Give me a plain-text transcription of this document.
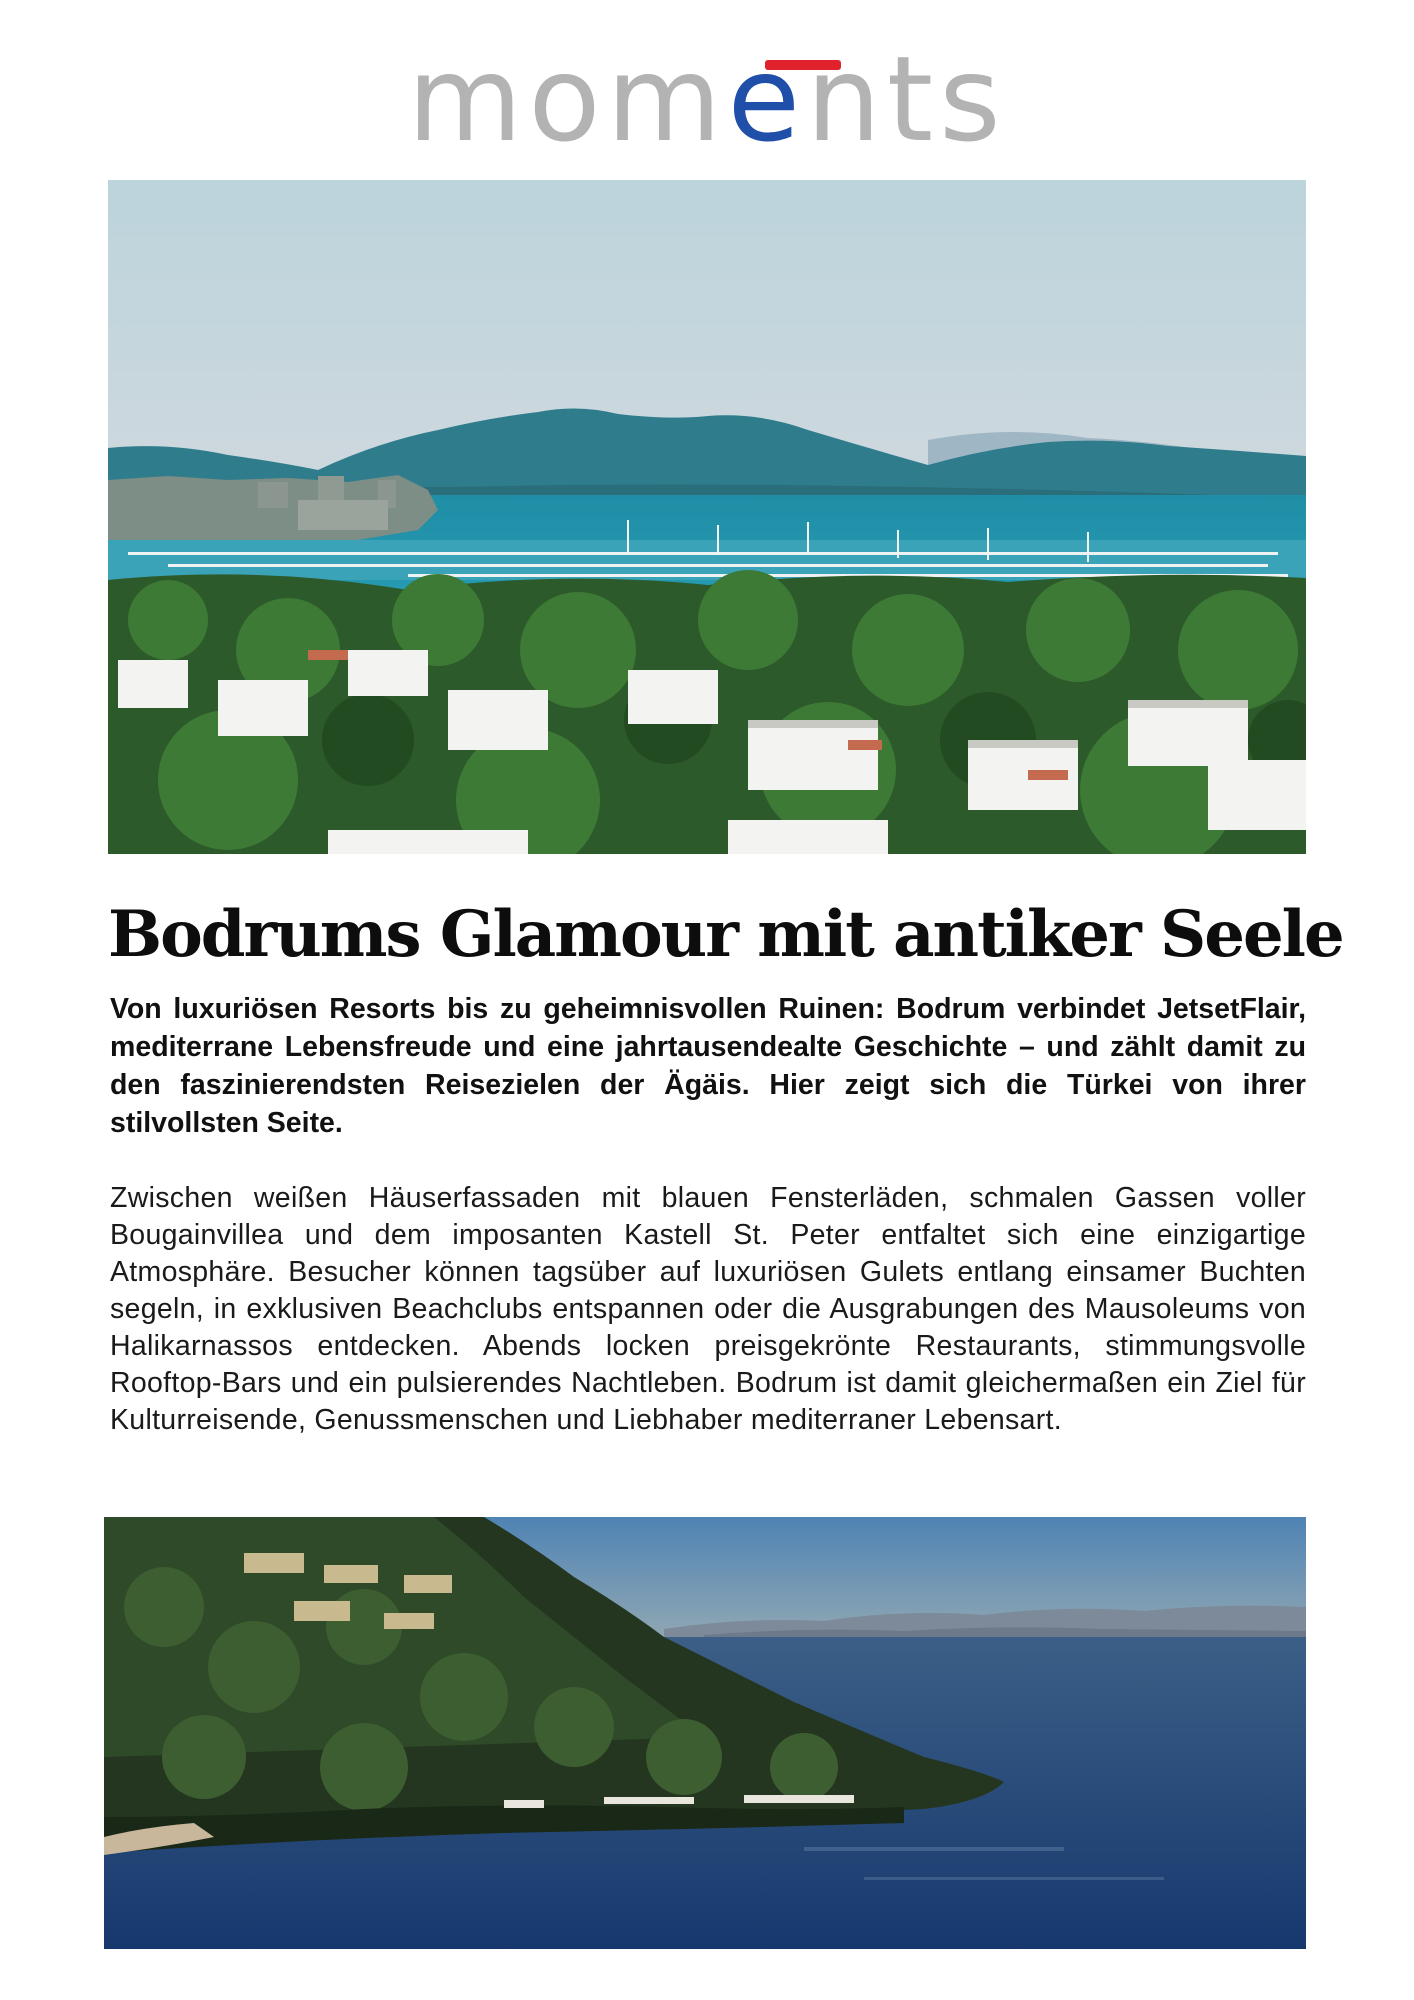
moments
Bodrums Glamour mit antiker Seele

Von luxuriösen Resorts bis zu geheimnisvollen Ruinen: Bodrum verbindet JetsetFlair, mediterrane Lebensfreude und eine jahrtausendealte Geschichte – und zählt damit zu den faszinierendsten Reisezielen der Ägäis. Hier zeigt sich die Türkei von ihrer stilvollsten Seite.

Zwischen weißen Häuserfassaden mit blauen Fensterläden, schmalen Gassen voller Bougainvillea und dem imposanten Kastell St. Peter entfaltet sich eine einzigartige Atmosphäre. Besucher können tagsüber auf luxuriösen Gulets entlang einsamer Buchten segeln, in exklusiven Beachclubs entspannen oder die Ausgrabungen des Mausoleums von Halikarnassos entdecken. Abends locken preisgekrönte Restaurants, stimmungsvolle Rooftop-Bars und ein pulsierendes Nachtleben. Bodrum ist damit gleichermaßen ein Ziel für Kulturreisende, Genussmenschen und Liebhaber mediterraner Lebensart.
